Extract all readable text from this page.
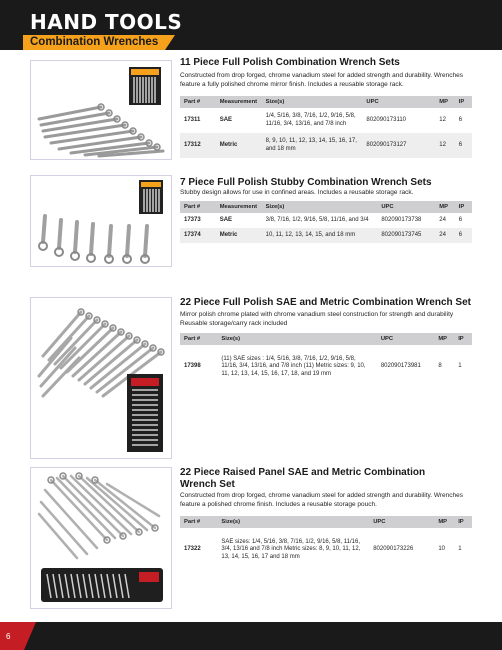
HAND TOOLS
Combination Wrenches
11 Piece Full Polish Combination Wrench Sets
Constructed from drop forged, chrome vanadium steel for added strength and durability. Wrenches feature a fully polished chrome mirror finish. Includes a reusable storage rack.
Part #	Measurement	Size(s)	UPC	MP	IP
17311	SAE	1/4, 5/16, 3/8, 7/16, 1/2, 9/16, 5/8, 11/16, 3/4, 13/16, and 7/8 inch	802090173110	12	6
17312	Metric	8, 9, 10, 11, 12, 13, 14, 15, 16, 17, and 18 mm	802090173127	12	6
7 Piece Full Polish Stubby Combination Wrench Sets
Stubby design allows for use in confined areas. Includes a reusable storage rack.
Part #	Measurement	Size(s)	UPC	MP	IP
17373	SAE	3/8, 7/16, 1/2, 9/16, 5/8, 11/16, and 3/4	802090173738	24	6
17374	Metric	10, 11, 12, 13, 14, 15, and 18 mm	802090173745	24	6
22 Piece Full Polish SAE and Metric Combination Wrench Set
Mirror polish chrome plated with chrome vanadium steel construction for strength and durability Reusable storage/carry rack included
Part #	Size(s)	UPC	MP	IP
17398	(11) SAE sizes : 1/4, 5/16, 3/8, 7/16, 1/2, 9/16, 5/8, 11/16, 3/4, 13/16, and 7/8 inch (11) Metric sizes: 9, 10, 11, 12, 13, 14, 15, 16, 17, 18, and 19 mm	802090173981	8	1
22 Piece Raised Panel SAE and Metric Combination Wrench Set
Constructed from drop forged, chrome vanadium steel for added strength and durability. Wrenches feature a polished chrome finish. Includes a reusable storage pouch.
Part #	Size(s)	UPC	MP	IP
17322	SAE sizes: 1/4, 5/16, 3/8, 7/16, 1/2, 9/16, 5/8, 11/16, 3/4, 13/16 and 7/8 inch Metric sizes: 8, 9, 10, 11, 12, 13, 14, 15, 16, 17 and 18 mm	802090173226	10	1
6
